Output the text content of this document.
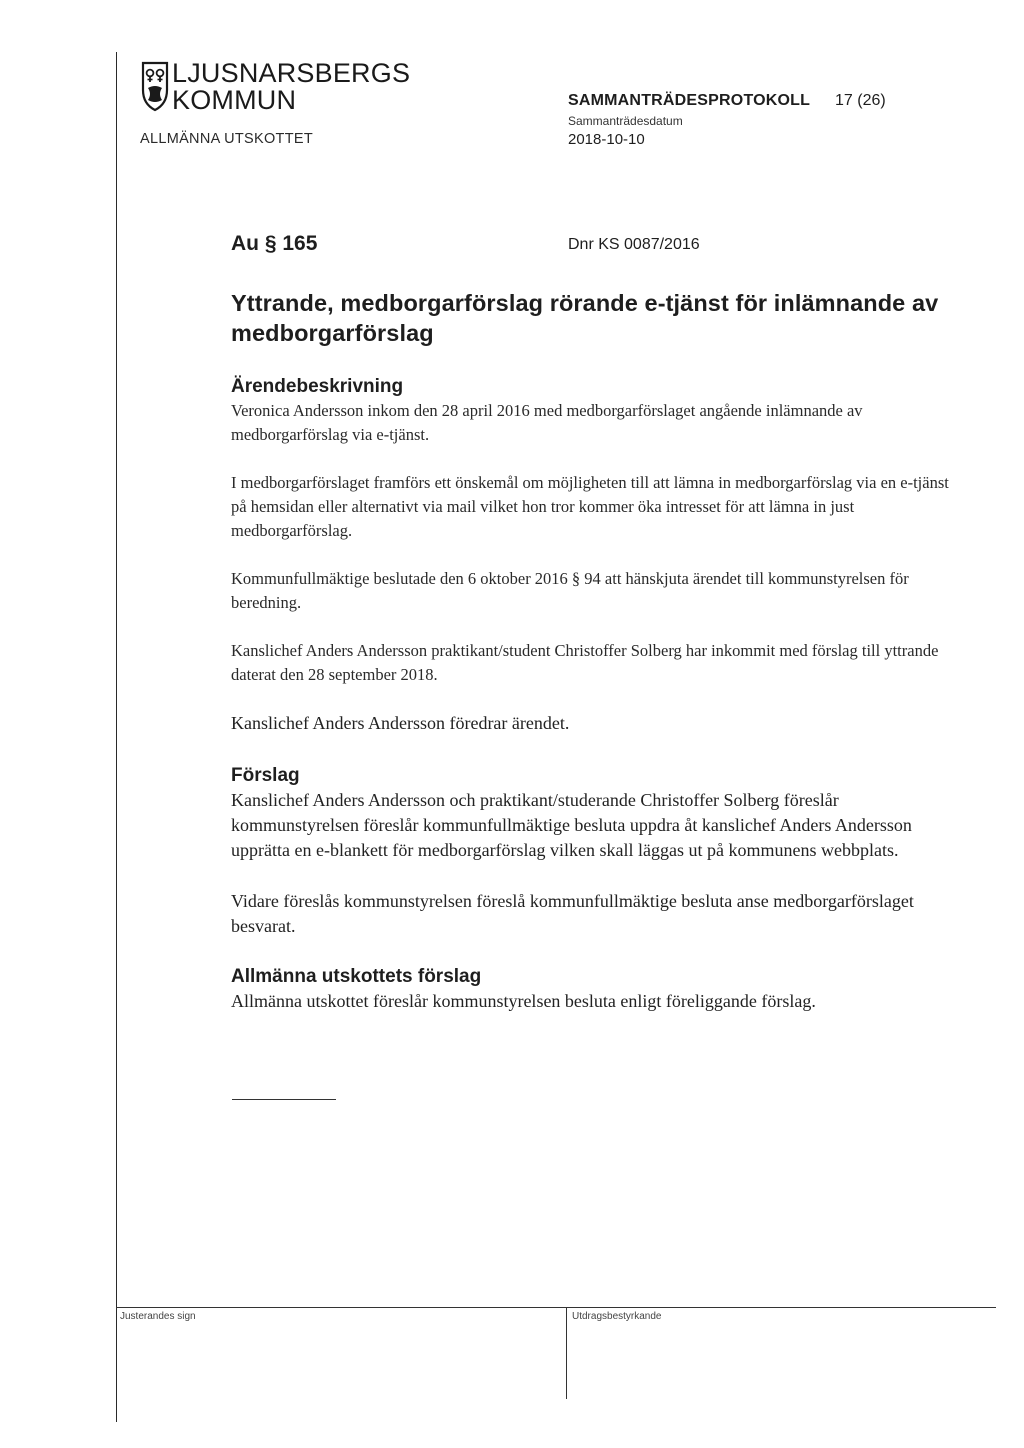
LJUSNARSBERGS
KOMMUN
ALLMÄNNA UTSKOTTET
SAMMANTRÄDESPROTOKOLL 17 (26)
Sammanträdesdatum
2018-10-10
Au § 165	Dnr KS 0087/2016
Yttrande, medborgarförslag rörande e-tjänst för inlämnande av medborgarförslag
Ärendebeskrivning

Veronica Andersson inkom den 28 april 2016 med medborgarförslaget angående inlämnande av medborgarförslag via e-tjänst.

I medborgarförslaget framförs ett önskemål om möjligheten till att lämna in medborgarförslag via en e-tjänst på hemsidan eller alternativt via mail vilket hon tror kommer öka intresset för att lämna in just medborgarförslag.

Kommunfullmäktige beslutade den 6 oktober 2016 § 94 att hänskjuta ärendet till kommunstyrelsen för beredning.

Kanslichef Anders Andersson praktikant/student Christoffer Solberg har inkommit med förslag till yttrande daterat den 28 september 2018.

Kanslichef Anders Andersson föredrar ärendet.

Förslag

Kanslichef Anders Andersson och praktikant/studerande Christoffer Solberg föreslår kommunstyrelsen föreslår kommunfullmäktige besluta uppdra åt kanslichef Anders Andersson upprätta en e-blankett för medborgarförslag vilken skall läggas ut på kommunens webbplats.

Vidare föreslås kommunstyrelsen föreslå kommunfullmäktige besluta anse medborgarförslaget besvarat.

Allmänna utskottets förslag

Allmänna utskottet föreslår kommunstyrelsen besluta enligt föreliggande förslag.

Justerandes sign	Utdragsbestyrkande
